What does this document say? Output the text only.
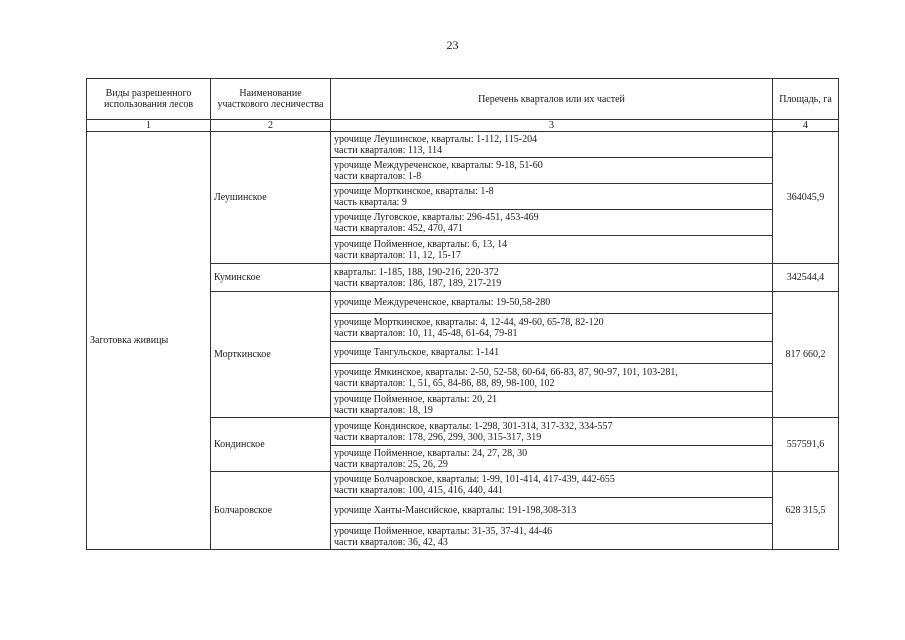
23
Виды разрешенного использования лесов	Наименование участкового лесничества	Перечень кварталов или их частей	Площадь, га
1	2	3	4
Заготовка живицы	Леушинское	урочище Леушинское, кварталы: 1-112, 115-204
части кварталов: 113, 114	364045,9

		урочище Междуреченское, кварталы: 9-18, 51-60
части кварталов: 1-8	

		урочище Морткинское, кварталы: 1-8
часть квартала: 9	

		урочище Луговское, кварталы: 296-451, 453-469
части кварталов: 452, 470, 471	

		урочище Пойменное, кварталы: 6, 13, 14
части кварталов: 11, 12, 15-17	

	Куминское	кварталы: 1-185, 188, 190-216, 220-372
части кварталов: 186, 187, 189, 217-219	342544,4
	Морткинское	урочище Междуреченское, кварталы: 19-50,58-280	817 660,2

		урочище Морткинское, кварталы: 4, 12-44, 49-60, 65-78, 82-120
части кварталов: 10, 11, 45-48, 61-64, 79-81	

		урочище Тангульское, кварталы: 1-141	

		урочище Ямкинское, кварталы: 2-50, 52-58, 60-64, 66-83, 87, 90-97, 101, 103-281,
части кварталов: 1, 51, 65, 84-86, 88, 89, 98-100, 102	

		урочище Пойменное, кварталы: 20, 21
части кварталов: 18, 19	

	Кондинское	урочище Кондинское, кварталы: 1-298, 301-314, 317-332, 334-557
части кварталов: 178, 296, 299, 300, 315-317, 319	557591,6

		урочище Пойменное, кварталы: 24, 27, 28, 30
части кварталов: 25, 26, 29	

	Болчаровское	урочище Болчаровское, кварталы: 1-99, 101-414, 417-439, 442-655
части кварталов: 100, 415, 416, 440, 441	628 315,5

		урочище Ханты-Мансийское, кварталы: 191-198,308-313	

		урочище Пойменное, кварталы: 31-35, 37-41, 44-46
части кварталов: 36, 42, 43	
